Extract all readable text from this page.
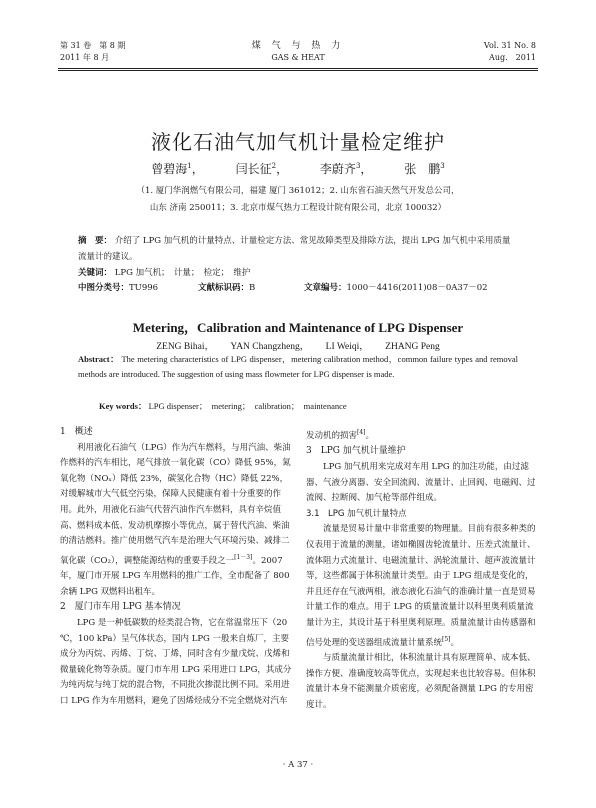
第 31 卷　第 8 期
2011 年 8 月
煤 气 与 热 力
GAS & HEAT
Vol. 31 No. 8
Aug.　2011
液化石油气加气机计量检定维护
曾碧海$^1$，	闫长征$^2$，	李蔚齐$^3$，	张　鹏$^3$
（1. 厦门华润燃气有限公司，福建 厦门 361012；2. 山东省石油天然气开发总公司，
山东 济南 250011；3. 北京市煤气热力工程设计院有限公司，北京 100032）
摘　要： 介绍了 LPG 加气机的计量特点、计量检定方法、常见故障类型及排除方法，提出 LPG 加气机中采用质量流量计的建议。
关键词： LPG 加气机；　计量；　检定；　维护
中图分类号：TU996	文献标识码：B	文章编号：1000－4416(2011)08－0A37－02
Metering，Calibration and Maintenance of LPG Dispenser
ZENG Bihai， YAN Changzheng， LI Weiqi， ZHANG Peng
Abstract： The metering characteristics of LPG dispenser，metering calibration method，common failure types and removal methods are introduced. The suggestion of using mass flowmeter for LPG dispenser is made.
Key words： LPG dispenser；　metering；　calibration；　maintenance

1　概述

利用液化石油气（LPG）作为汽车燃料，与用汽油、柴油作燃料的汽车相比，尾气排放一氧化碳（CO）降低 95%，氮氧化物（NOₓ）降低 23%，碳氢化合物（HC）降低 22%，对缓解城市大气低空污染，保障人民健康有着十分重要的作用。此外，用液化石油气代替汽油作汽车燃料，具有辛烷值高、燃料成本低、发动机摩擦小等优点，属于替代汽油、柴油的清洁燃料。推广使用燃气汽车是治理大气环境污染、减排二氧化碳（CO₂），调整能源结构的重要手段之一[1－3]。2007 年，厦门市开展 LPG 车用燃料的推广工作，全市配备了 800 余辆 LPG 双燃料出租车。

2　厦门市车用 LPG 基本情况

LPG 是一种低碳数的烃类混合物，它在常温常压下（20 ℃，100 kPa）呈气体状态，国内 LPG 一般来自炼厂，主要成分为丙烷、丙烯、丁烷、丁烯，同时含有少量戊烷、戊烯和微量硫化物等杂质。厦门市车用 LPG 采用进口 LPG，其成分为纯丙烷与纯丁烷的混合物，不同批次掺混比例不同。采用进口 LPG 作为车用燃料，避免了因烯烃成分不完全燃烧对汽车

发动机的损害[4]。

3　LPG 加气机计量维护

LPG 加气机用来完成对车用 LPG 的加注功能，由过滤器、气液分离器、安全回流阀、流量计、止回阀、电磁阀、过流阀、拉断阀、加气枪等部件组成。

3.1　LPG 加气机计量特点

流量是贸易计量中非常重要的物理量。目前有很多种类的仪表用于流量的测量，诸如椭圆齿轮流量计、压差式流量计、流体阻力式流量计、电磁流量计、涡轮流量计、超声波流量计等，这些都属于体积流量计类型。由于 LPG 组成是变化的，并且还存在气液两相，液态液化石油气的准确计量一直是贸易计量工作的难点。用于 LPG 的质量流量计以科里奥利质量流量计为主，其设计基于科里奥利原理。质量流量计由传感器和信号处理的变送器组成流量计量系统[5]。

与质量流量计相比，体积流量计具有原理简单、成本低、操作方便、准确度较高等优点，实现起来也比较容易。但体积流量计本身不能测量介质密度，必须配备测量 LPG 的专用密度计。

· A 37 ·
